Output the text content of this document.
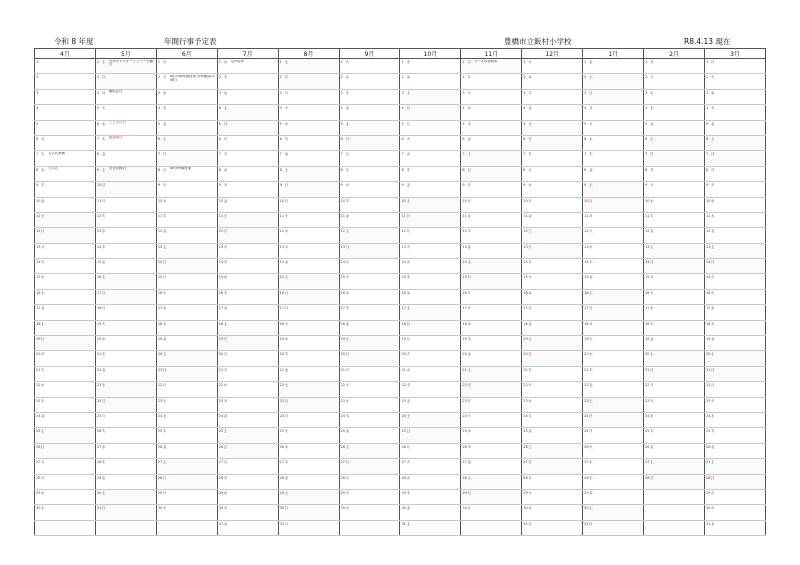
令和 8 年度	年間行事予定表	豊橋市立飯村小学校	R8.4.13 現在
4月	5月	6月	7月	8月	9月	10月	11月	12月	1月	2月	3月

1	2 土 やかやりウォークラリー予備日	1 月	1 水 なかなか	1 土	1 火	1 木	1 日 プール(1)/利用	1 火	1 金	1 月	1 月

2	3 日	2 火 40分(4)時間授業 内科検診(1-4年)	2 木	2 日	2 水	2 金	2 月	2 水	2 土	2 火	2 火

3	4 月 最低会日	3 水	3 金	3 月	3 木	3 土	3 火	3 木	3 日	3 水	3 水

4	5 火	4 木	4 土	4 火	4 金	4 日	4 水	4 金	4 月	4 木	4 木

5	6 水 こどもの日	5 金	5 日	5 水	5 土	5 月	5 木	5 土	5 火	5 金	5 金

6 月	7 木 振替休日	6 土	6 月	6 木	6 日	6 火	6 金	6 日	6 水	6 土	6 土

7 火 入学式準備	8 金	7 日	7 火	7 金	7 月	7 水	7 土	7 月	7 木	7 日	7 日

8 水 入学式	9 土 安全点検日	8 月 40分時間授業	8 水	8 土	8 火	8 木	8 日	8 火	8 金	8 月	8 月

9 木	10 日	9 火	9 木	9 日	9 水	9 金	9 月	9 水	9 土	9 火	9 火

10 金	11 月	10 水	10 金	10 月	10 木	10 土	10 火	10 木	10 日	10 水	10 水

11 土	12 火	11 木	11 土	11 火	11 金	11 日	11 水	11 金	11 月	11 木	11 木

12 日	13 水	12 金	12 日	12 水	12 土	12 月	12 木	12 土	12 火	12 金	12 金

13 月	14 木	13 土	13 月	13 木	13 日	13 火	13 金	13 日	13 水	13 土	13 土

14 火	15 金	14 日	14 火	14 金	14 月	14 水	14 土	14 月	14 木	14 日	14 日

15 水	16 土	15 月	15 水	15 土	15 火	15 木	15 日	15 火	15 金	15 月	15 月

16 木	17 日	16 火	16 木	16 日	16 水	16 金	16 月	16 水	16 土	16 火	16 火

17 金	18 月	17 水	17 金	17 月	17 木	17 土	17 火	17 木	17 日	17 水	17 水

18 土	19 火	18 木	18 土	18 火	18 金	18 日	18 水	18 金	18 月	18 木	18 木

19 日	20 水	19 金	19 日	19 水	19 土	19 月	19 木	19 土	19 火	19 金	19 金

20 月	21 木	20 土	20 月	20 木	20 日	20 火	20 金	20 日	20 水	20 土	20 土

21 火	22 金	21 日	21 火	21 金	21 月	21 水	21 土	21 月	21 木	21 日	21 日

22 水	23 土	22 月	22 水	22 土	22 火	22 木	22 日	22 火	22 金	22 月	22 月

23 木	24 日	23 火	23 木	23 日	23 水	23 金	23 月	23 水	23 土	23 火	23 火

24 金	25 月	24 水	24 金	24 月	24 木	24 土	24 火	24 木	24 日	24 水	24 水

25 土	26 火	25 木	25 土	25 火	25 金	25 日	25 水	25 金	25 月	25 木	25 木

26 日	27 水	26 金	26 日	26 水	26 土	26 月	26 木	26 土	26 火	26 金	26 金

27 月	28 木	27 土	27 月	27 木	27 日	27 火	27 金	27 日	27 水	27 土	27 土

28 火	29 金	28 日	28 火	28 金	28 月	28 水	28 土	28 月	28 木	28 日	28 日

29 水	30 土	29 月	29 水	29 土	29 火	29 木	29 日	29 火	29 金		29 月

30 木	31 日	30 火	30 木	30 日	30 水	30 金	30 月	30 水	30 土		30 火

			31 金	31 月		31 土		31 木	31 日		31 水
